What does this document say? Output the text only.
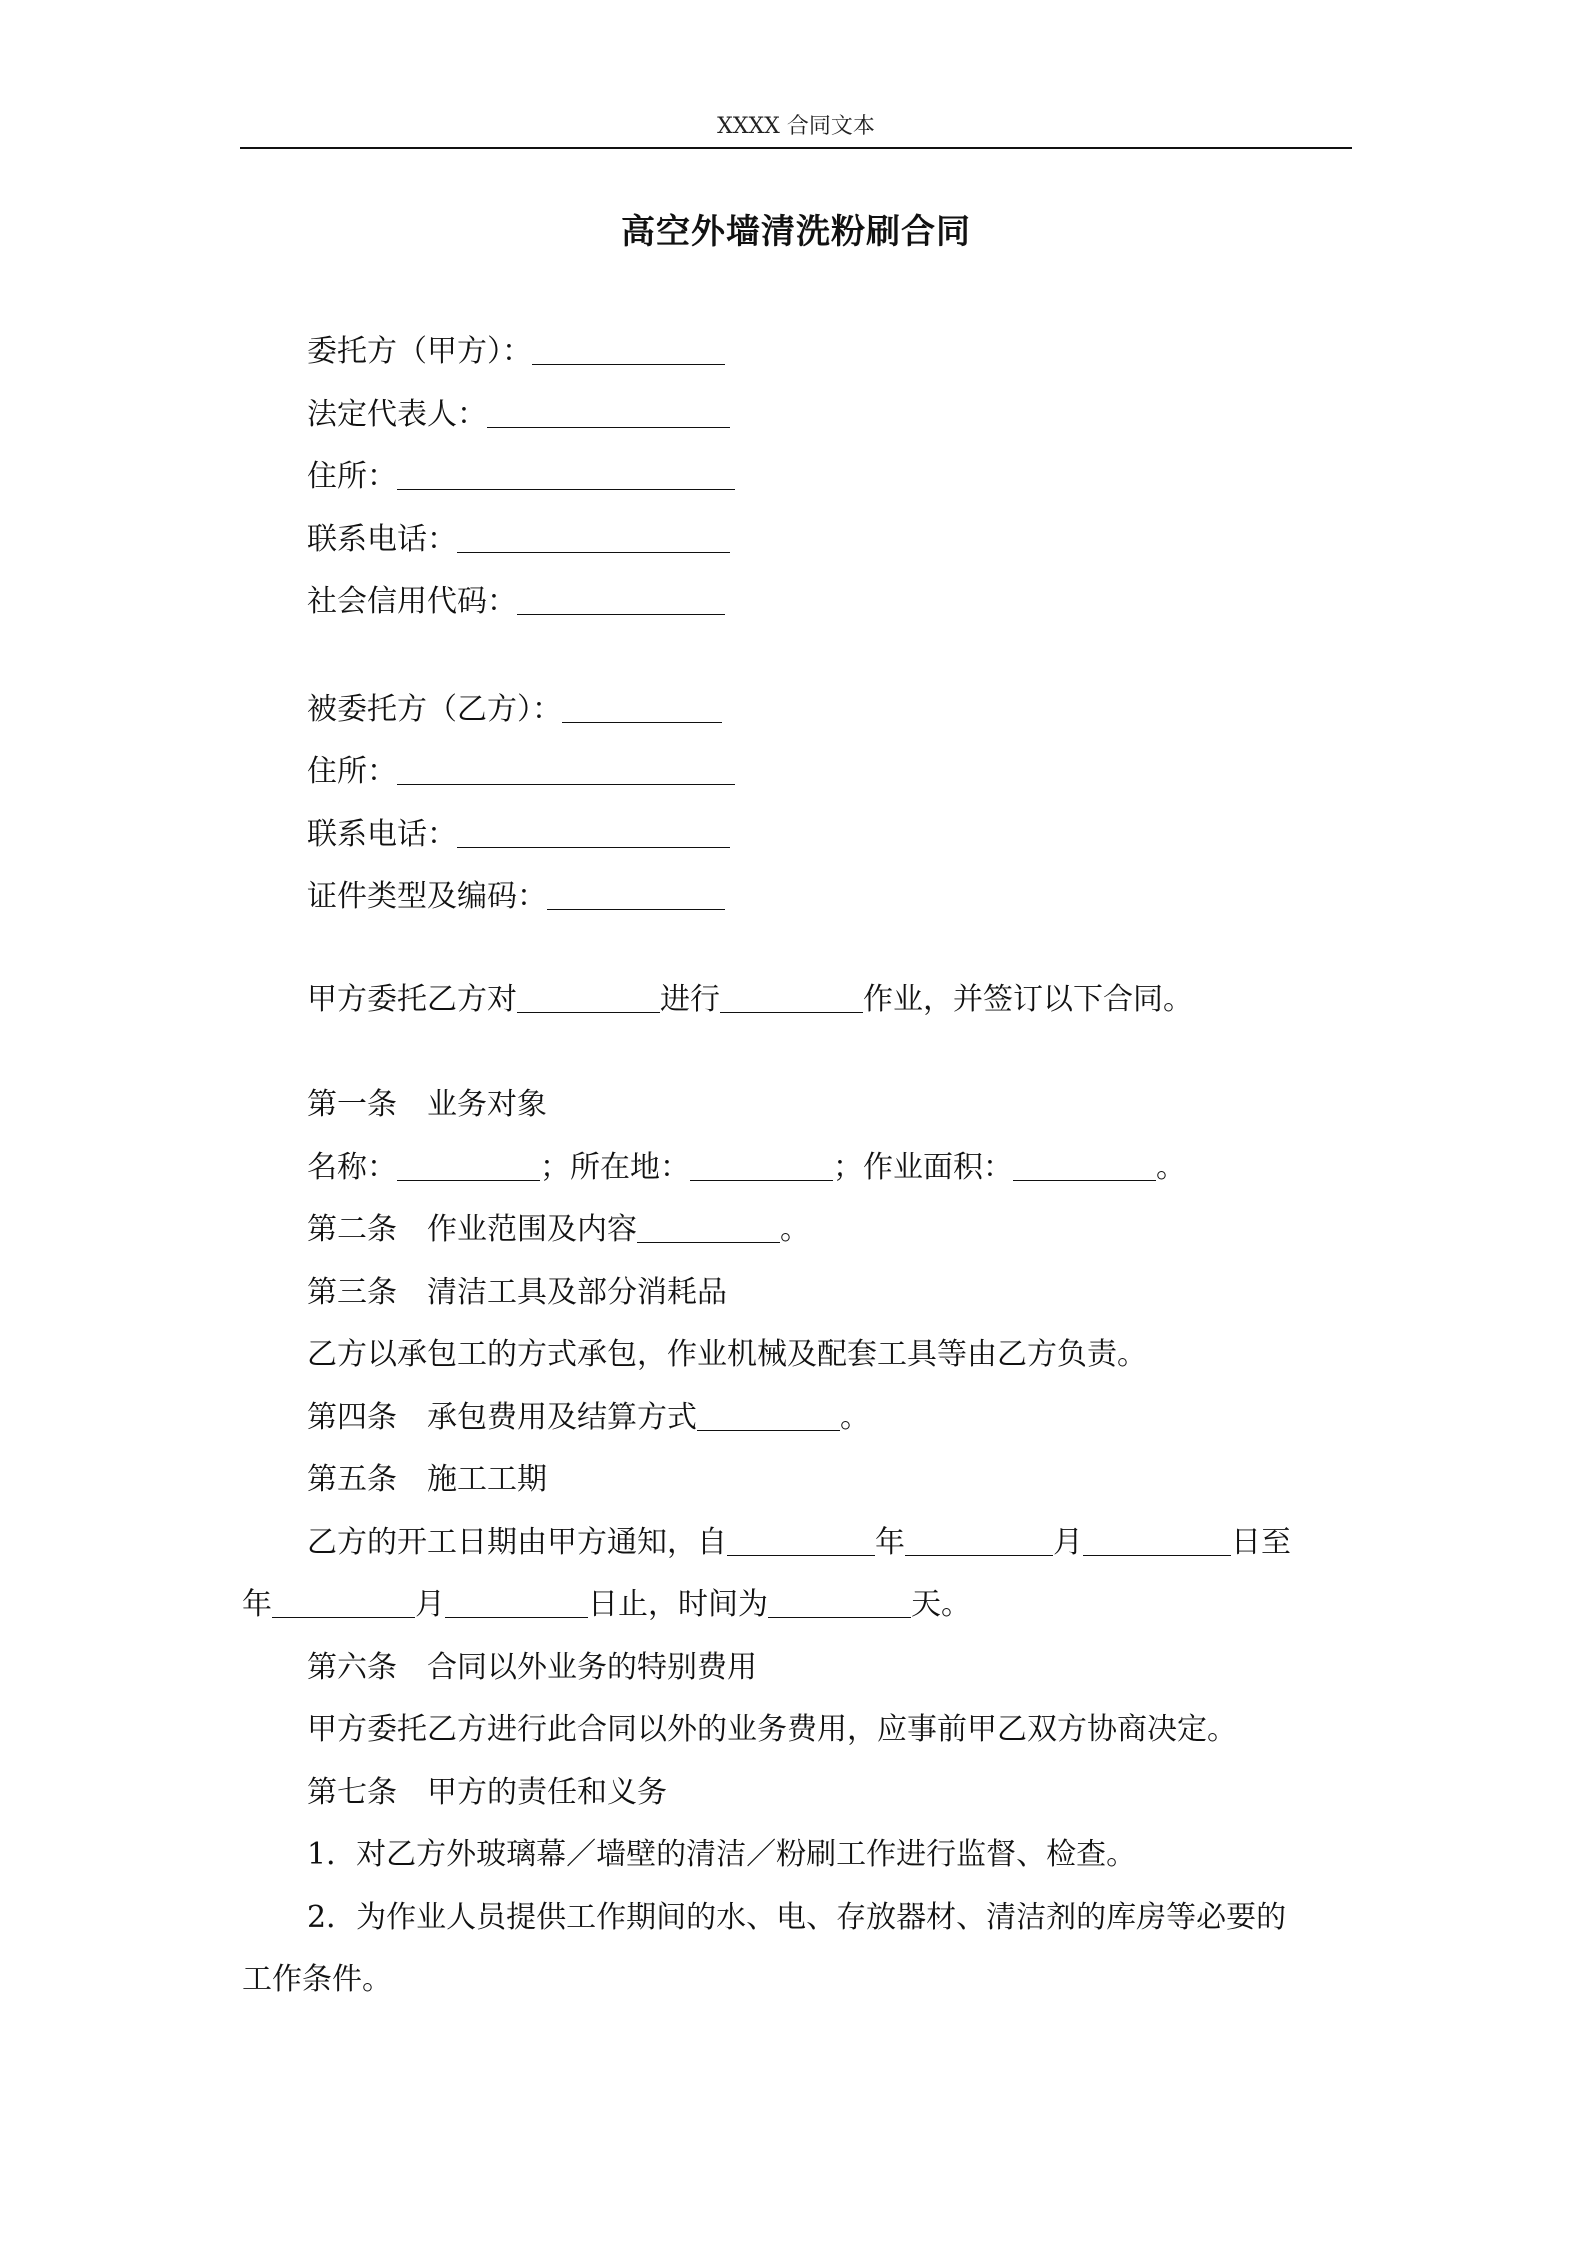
XXXX 合同文本
高空外墙清洗粉刷合同
委托方（甲方）：
法定代表人：
住所：
联系电话：
社会信用代码：
被委托方（乙方）：
住所：
联系电话：
证件类型及编码：
甲方委托乙方对	进行	作业，并签订以下合同。
第一条　业务对象
名称：	；所在地：	；作业面积：	。
第二条　作业范围及内容	。
第三条　清洁工具及部分消耗品
乙方以承包工的方式承包，作业机械及配套工具等由乙方负责。
第四条　承包费用及结算方式	。
第五条　施工工期
乙方的开工日期由甲方通知，自	年	月	日至
年	月	日止，时间为	天。
第六条　合同以外业务的特别费用
甲方委托乙方进行此合同以外的业务费用，应事前甲乙双方协商决定。
第七条　甲方的责任和义务
1．对乙方外玻璃幕／墙壁的清洁／粉刷工作进行监督、检查。
2．为作业人员提供工作期间的水、电、存放器材、清洁剂的库房等必要的
工作条件。
